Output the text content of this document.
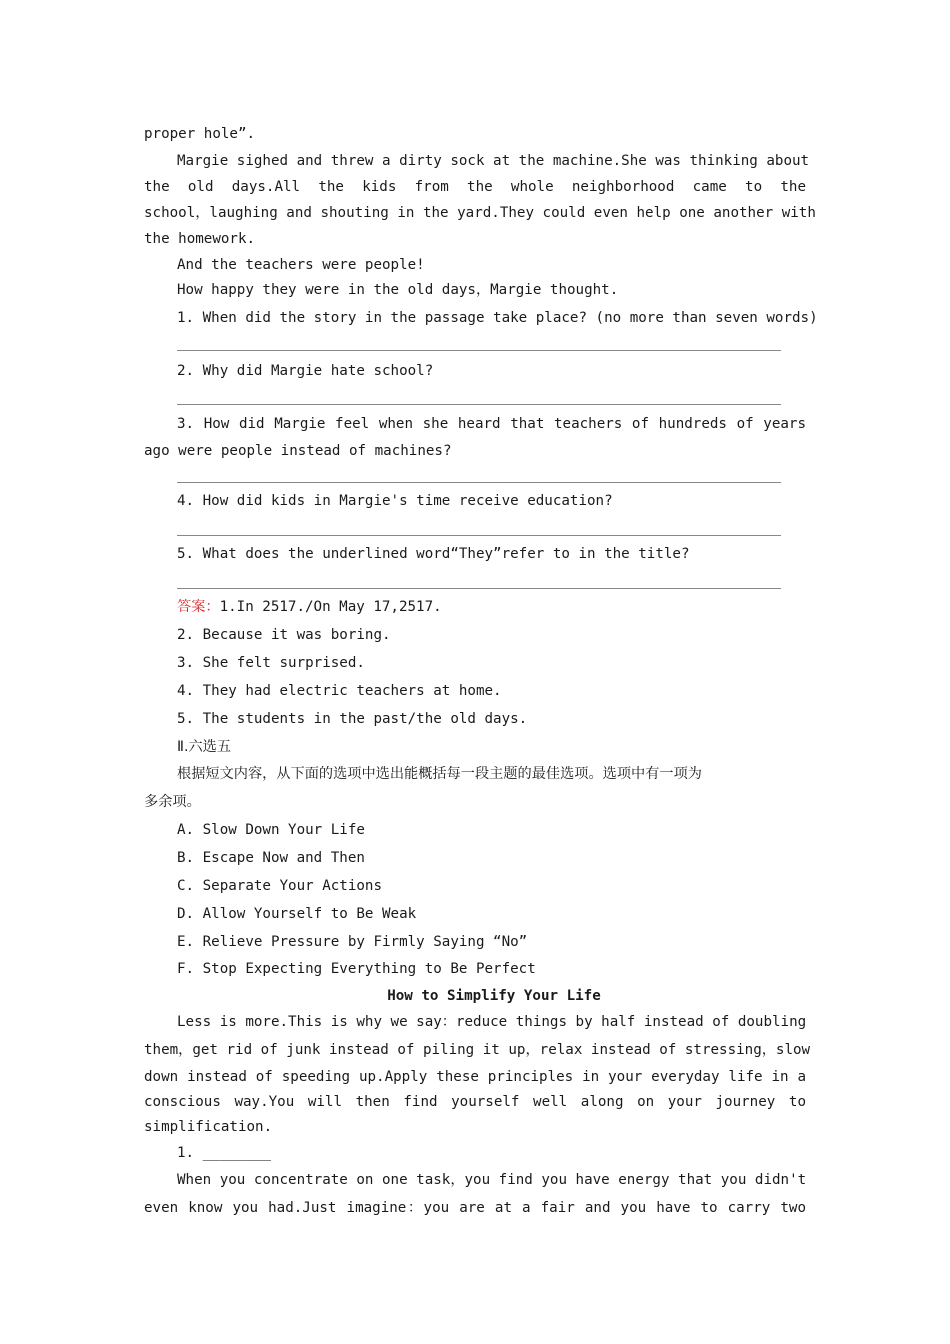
proper hole”.
Margie sighed and threw a dirty sock at the machine.She was thinking about
the old days.All the kids from the whole neighborhood came to the
school，laughing and shouting in the yard.They could even help one another with
the homework.
And the teachers were people!
How happy they were in the old days，Margie thought.
1. When did the story in the passage take place? (no more than seven words)
2. Why did Margie hate school?
3. How did Margie feel when she heard that teachers of hundreds of years
ago were people instead of machines?
4. How did kids in Margie's time receive education?
5. What does the underlined word“They”refer to in the title?
答案：1.In 2517./On May 17,2517.
2. Because it was boring.
3. She felt surprised.
4. They had electric teachers at home.
5. The students in the past/the old days.
Ⅱ.六选五
根据短文内容，从下面的选项中选出能概括每一段主题的最佳选项。选项中有一项为
多余项。
A. Slow Down Your Life
B. Escape Now and Then
C. Separate Your Actions
D. Allow Yourself to Be Weak
E. Relieve Pressure by Firmly Saying “No”
F. Stop Expecting Everything to Be Perfect
How to Simplify Your Life
Less is more.This is why we say：reduce things by half instead of doubling
them，get rid of junk instead of piling it up，relax instead of stressing，slow
down instead of speeding up.Apply these principles in your everyday life in a
conscious way.You will then find yourself well along on your journey to
simplification.
1. ________
When you concentrate on one task，you find you have energy that you didn't
even know you had.Just imagine：you are at a fair and you have to carry two
